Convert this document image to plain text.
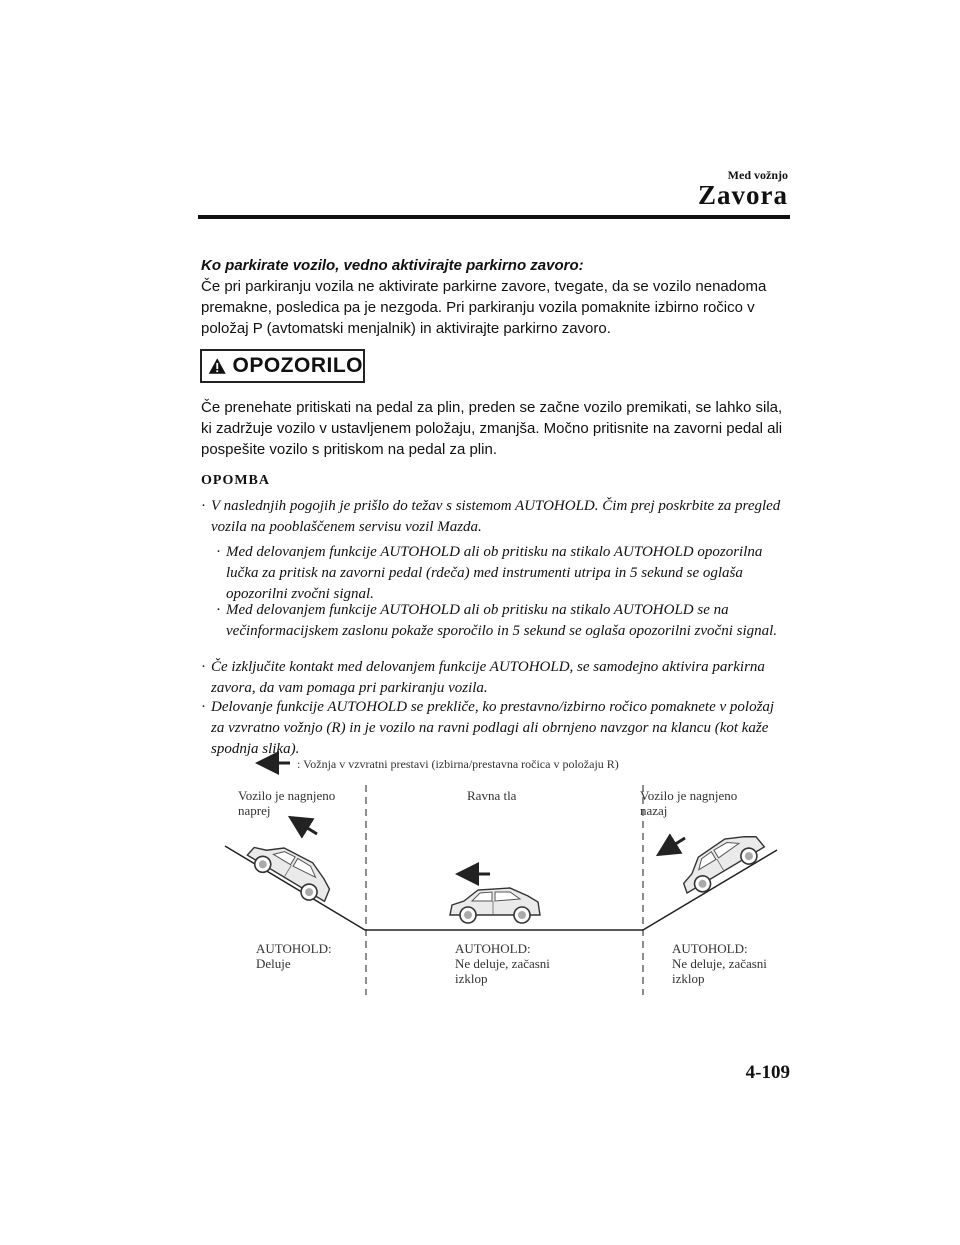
Med vožnjo
Zavora
Ko parkirate vozilo, vedno aktivirajte parkirno zavoro:
Če pri parkiranju vozila ne aktivirate parkirne zavore, tvegate, da se vozilo nenadoma premakne, posledica pa je nezgoda. Pri parkiranju vozila pomaknite izbirno ročico v položaj P (avtomatski menjalnik) in aktivirajte parkirno zavoro.
OPOZORILO
Če prenehate pritiskati na pedal za plin, preden se začne vozilo premikati, se lahko sila, ki zadržuje vozilo v ustavljenem položaju, zmanjša. Močno pritisnite na zavorni pedal ali pospešite vozilo s pritiskom na pedal za plin.
OPOMBA
· V naslednjih pogojih je prišlo do težav s sistemom AUTOHOLD. Čim prej poskrbite za pregled vozila na pooblaščenem servisu vozil Mazda.
· Med delovanjem funkcije AUTOHOLD ali ob pritisku na stikalo AUTOHOLD opozorilna lučka za pritisk na zavorni pedal (rdeča) med instrumenti utripa in 5 sekund se oglaša opozorilni zvočni signal.
· Med delovanjem funkcije AUTOHOLD ali ob pritisku na stikalo AUTOHOLD se na večinformacijskem zaslonu pokaže sporočilo in 5 sekund se oglaša opozorilni zvočni signal.
· Če izključite kontakt med delovanjem funkcije AUTOHOLD, se samodejno aktivira parkirna zavora, da vam pomaga pri parkiranju vozila.
· Delovanje funkcije AUTOHOLD se prekliče, ko prestavno/izbirno ročico pomaknete v položaj za vzvratno vožnjo (R) in je vozilo na ravni podlagi ali obrnjeno navzgor na klancu (kot kaže spodnja slika).
: Vožnja v vzvratni prestavi (izbirna/prestavna ročica v položaju R)
Vozilo je nagnjeno
naprej
Ravna tla	Vozilo je nagnjeno
nazaj
AUTOHOLD:
Deluje
AUTOHOLD:
Ne deluje, začasni
izklop
AUTOHOLD:
Ne deluje, začasni
izklop
4-109
